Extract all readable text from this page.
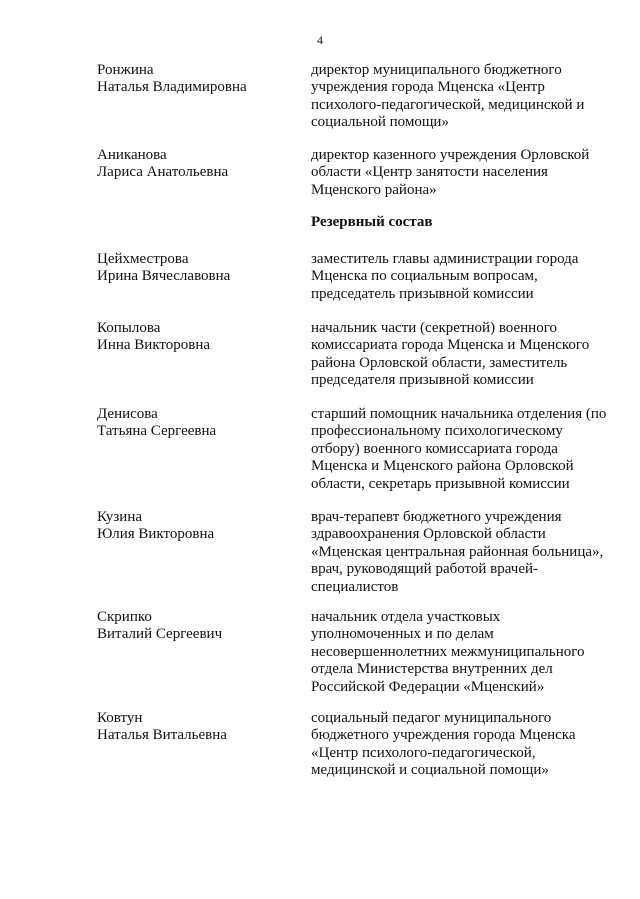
4
Ронжина
Наталья Владимировна
директор муниципального бюджетного
учреждения города Мценска «Центр
психолого-педагогической, медицинской и
социальной помощи»
Аниканова
Лариса Анатольевна
директор казенного учреждения Орловской
области «Центр занятости населения
Мценского района»
Резервный состав
Цейхместрова
Ирина Вячеславовна
заместитель главы администрации города
Мценска по социальным вопросам,
председатель призывной комиссии
Копылова
Инна Викторовна
начальник части (секретной) военного
комиссариата города Мценска и Мценского
района Орловской области, заместитель
председателя призывной комиссии
Денисова
Татьяна Сергеевна
старший помощник начальника отделения (по
профессиональному психологическому
отбору) военного комиссариата города
Мценска и Мценского района Орловской
области, секретарь призывной комиссии
Кузина
Юлия Викторовна
врач-терапевт бюджетного учреждения
здравоохранения Орловской области
«Мценская центральная районная больница»,
врач, руководящий работой врачей-
специалистов
Скрипко
Виталий Сергеевич
начальник отдела участковых
уполномоченных и по делам
несовершеннолетних межмуниципального
отдела Министерства внутренних дел
Российской Федерации «Мценский»
Ковтун
Наталья Витальевна
социальный педагог муниципального
бюджетного учреждения города Мценска
«Центр психолого-педагогической,
медицинской и социальной помощи»
